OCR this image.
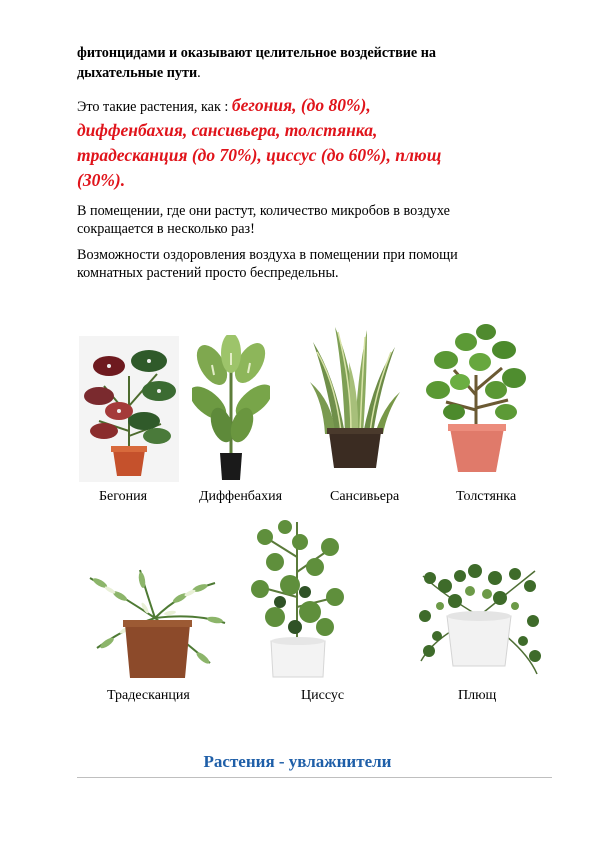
фитонцидами и оказывают целительное воздействие на
дыхательные пути.
Это такие растения, как : бегония, (до 80%),
диффенбахия, сансивьера, толстянка,
традесканция (до 70%), циссус (до 60%), плющ
(30%).
В помещении, где они растут, количество микробов в воздухе
сокращается в несколько раз!
Возможности оздоровления воздуха в помещении при помощи
комнатных растений просто беспредельны.
Бегония	Диффенбахия	Сансивьера	Толстянка
Традесканция	Циссус	Плющ
Растения - увлажнители
